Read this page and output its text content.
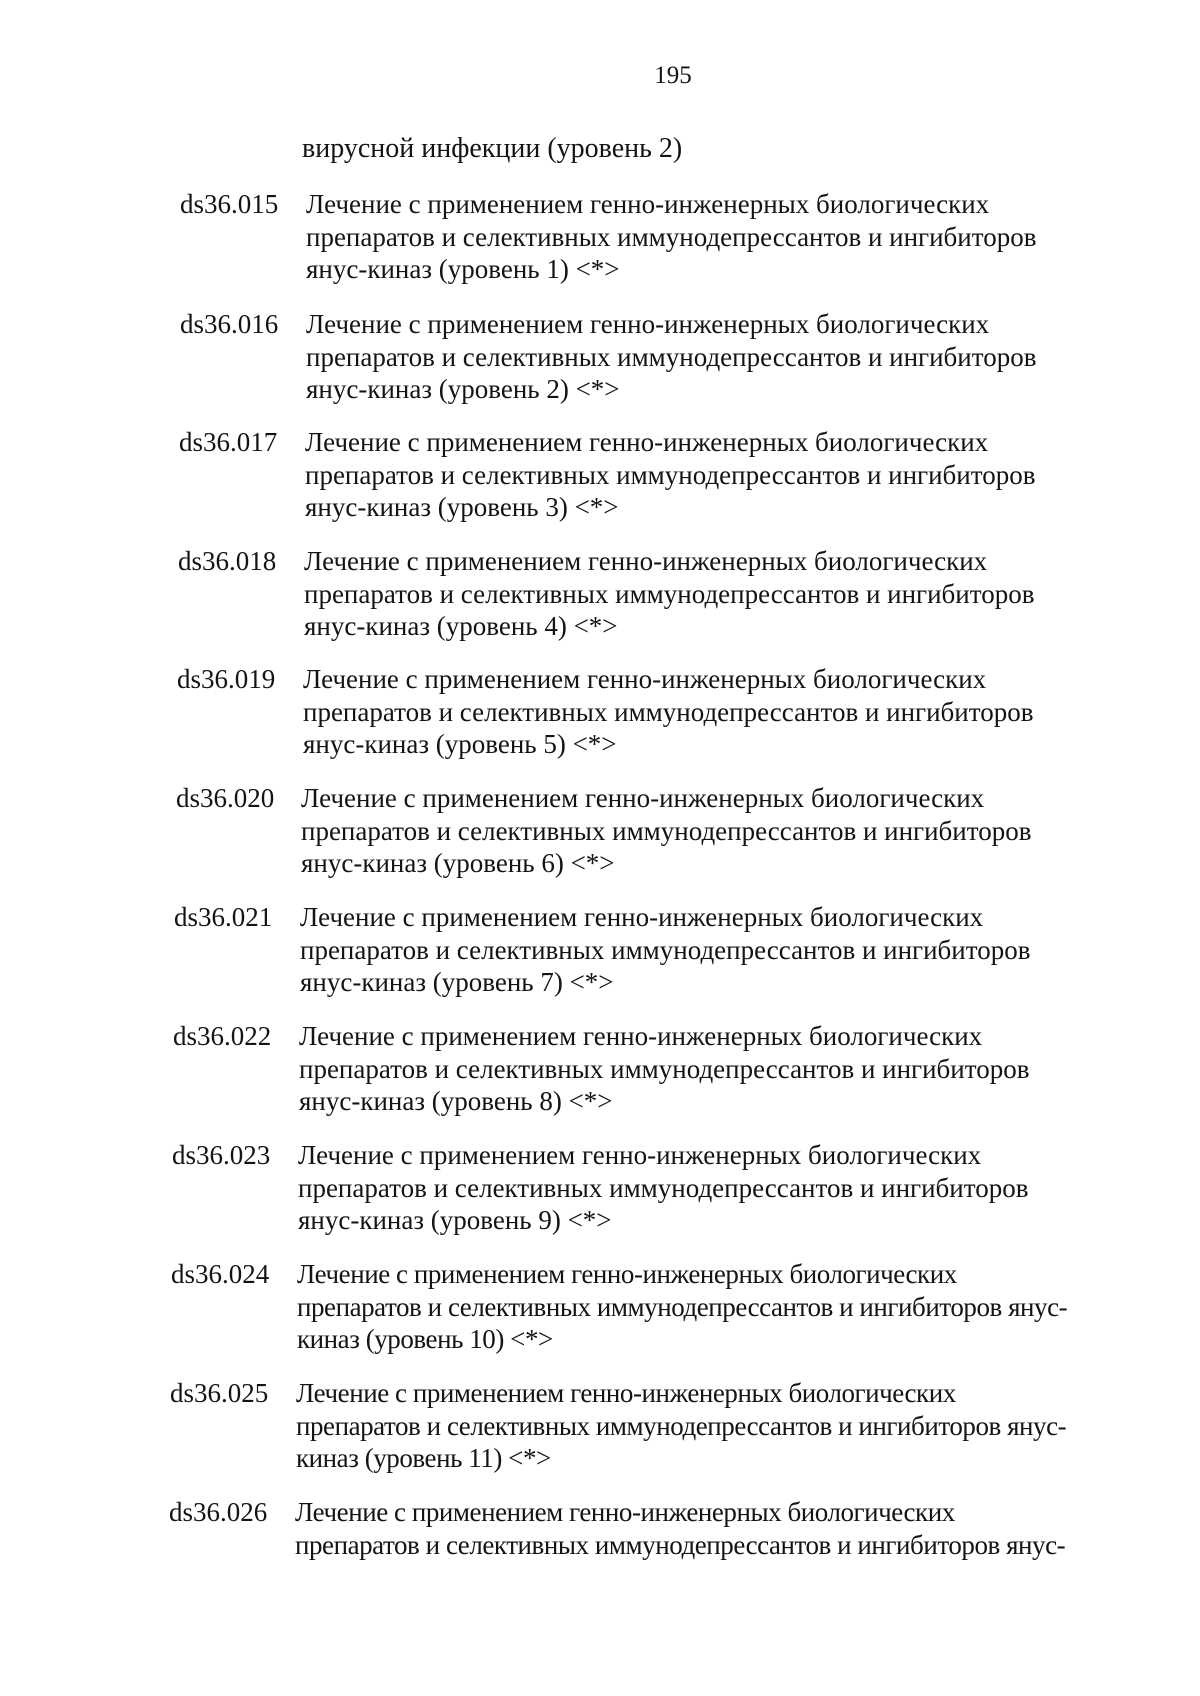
195
вирусной инфекции (уровень 2)
ds36.015 Лечение с применением генно-инженерных биологических
препаратов и селективных иммунодепрессантов и ингибиторов
янус-киназ (уровень 1) <*>
ds36.016 Лечение с применением генно-инженерных биологических
препаратов и селективных иммунодепрессантов и ингибиторов
янус-киназ (уровень 2) <*>
ds36.017 Лечение с применением генно-инженерных биологических
препаратов и селективных иммунодепрессантов и ингибиторов
янус-киназ (уровень 3) <*>
ds36.018 Лечение с применением генно-инженерных биологических
препаратов и селективных иммунодепрессантов и ингибиторов
янус-киназ (уровень 4) <*>
ds36.019 Лечение с применением генно-инженерных биологических
препаратов и селективных иммунодепрессантов и ингибиторов
янус-киназ (уровень 5) <*>
ds36.020 Лечение с применением генно-инженерных биологических
препаратов и селективных иммунодепрессантов и ингибиторов
янус-киназ (уровень 6) <*>
ds36.021 Лечение с применением генно-инженерных биологических
препаратов и селективных иммунодепрессантов и ингибиторов
янус-киназ (уровень 7) <*>
ds36.022 Лечение с применением генно-инженерных биологических
препаратов и селективных иммунодепрессантов и ингибиторов
янус-киназ (уровень 8) <*>
ds36.023 Лечение с применением генно-инженерных биологических
препаратов и селективных иммунодепрессантов и ингибиторов
янус-киназ (уровень 9) <*>
ds36.024 Лечение с применением генно-инженерных биологических
препаратов и селективных иммунодепрессантов и ингибиторов янус-
киназ (уровень 10) <*>
ds36.025 Лечение с применением генно-инженерных биологических
препаратов и селективных иммунодепрессантов и ингибиторов янус-
киназ (уровень 11) <*>
ds36.026 Лечение с применением генно-инженерных биологических
препаратов и селективных иммунодепрессантов и ингибиторов янус-
